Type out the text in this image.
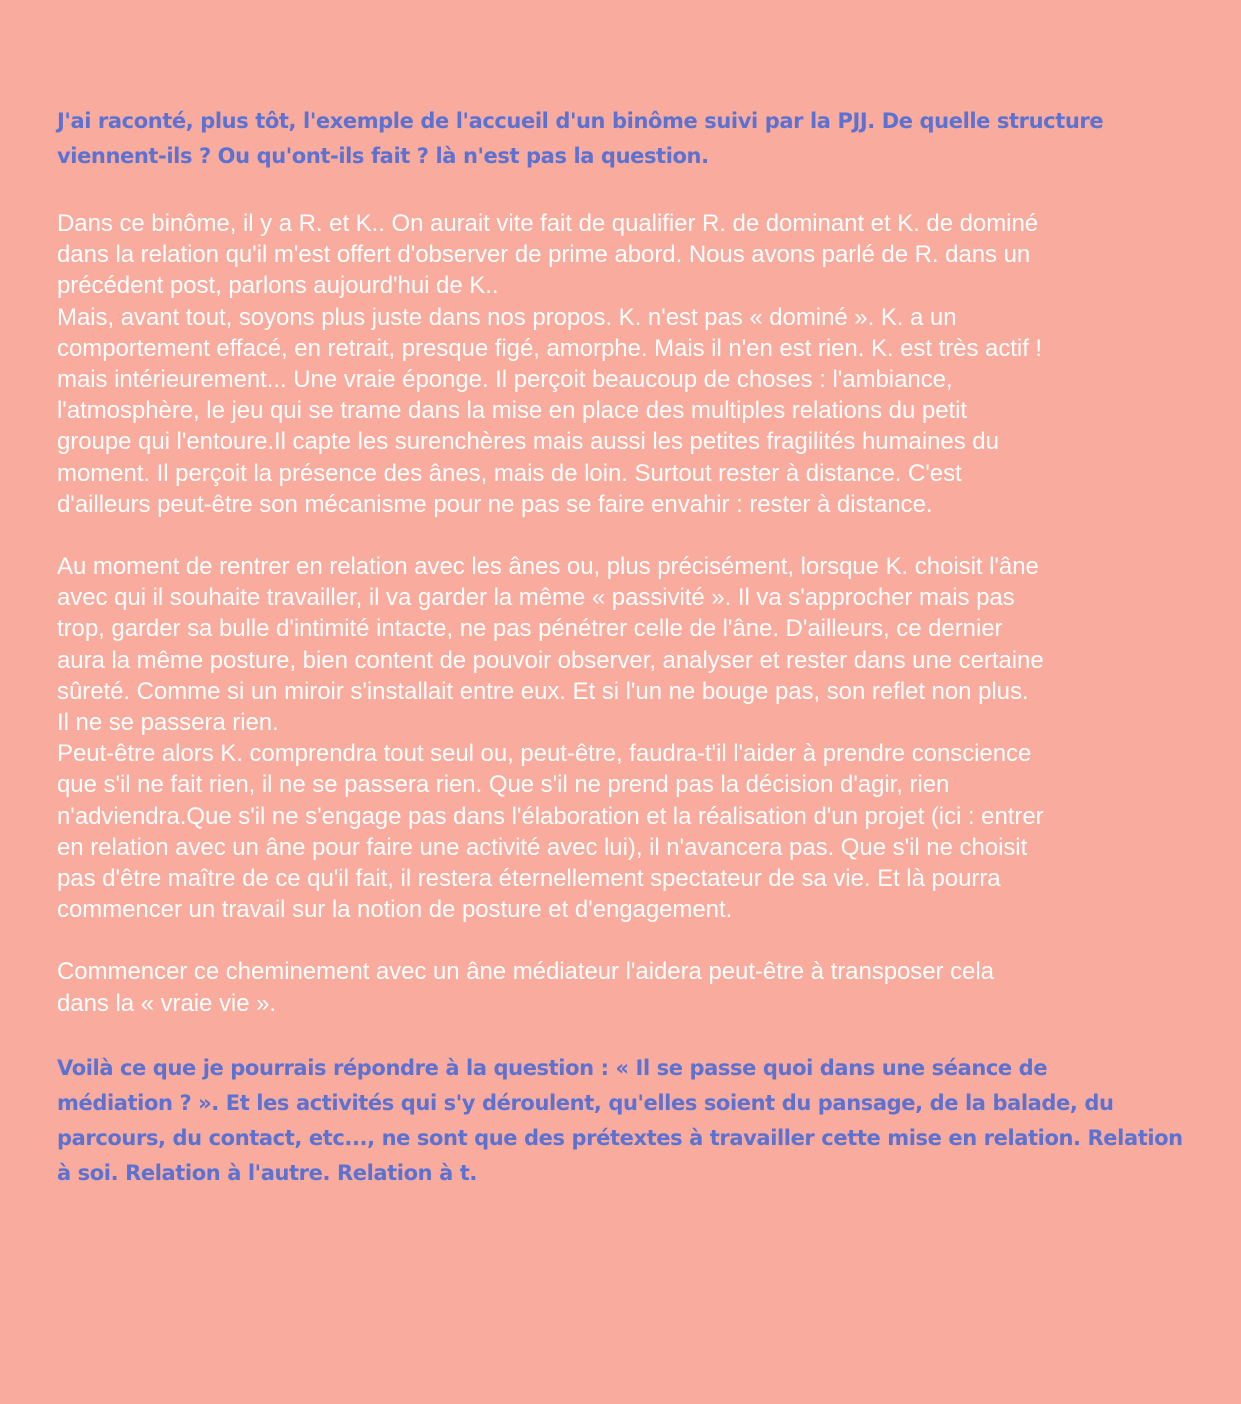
J'ai raconté, plus tôt, l'exemple de l'accueil d'un binôme suivi par la PJJ. De quelle structure
viennent-ils ? Ou qu'ont-ils fait ? là n'est pas la question.

Dans ce binôme, il y a R. et K.. On aurait vite fait de qualifier R. de dominant et K. de dominé
dans la relation qu'il m'est offert d'observer de prime abord. Nous avons parlé de R. dans un
précédent post, parlons aujourd'hui de K..
Mais, avant tout, soyons plus juste dans nos propos. K. n'est pas « dominé ». K. a un
comportement effacé, en retrait, presque figé, amorphe. Mais il n'en est rien. K. est très actif !
mais intérieurement... Une vraie éponge. Il perçoit beaucoup de choses : l'ambiance,
l'atmosphère, le jeu qui se trame dans la mise en place des multiples relations du petit
groupe qui l'entoure.Il capte les surenchères mais aussi les petites fragilités humaines du
moment. Il perçoit la présence des ânes, mais de loin. Surtout rester à distance. C'est
d'ailleurs peut-être son mécanisme pour ne pas se faire envahir : rester à distance.

Au moment de rentrer en relation avec les ânes ou, plus précisément, lorsque K. choisit l'âne
avec qui il souhaite travailler, il va garder la même « passivité ». Il va s'approcher mais pas
trop, garder sa bulle d'intimité intacte, ne pas pénétrer celle de l'âne. D'ailleurs, ce dernier
aura la même posture, bien content de pouvoir observer, analyser et rester dans une certaine
sûreté. Comme si un miroir s'installait entre eux. Et si l'un ne bouge pas, son reflet non plus.
Il ne se passera rien.
Peut-être alors K. comprendra tout seul ou, peut-être, faudra-t'il l'aider à prendre conscience
que s'il ne fait rien, il ne se passera rien. Que s'il ne prend pas la décision d'agir, rien
n'adviendra.Que s'il ne s'engage pas dans l'élaboration et la réalisation d'un projet (ici : entrer
en relation avec un âne pour faire une activité avec lui), il n'avancera pas. Que s'il ne choisit
pas d'être maître de ce qu'il fait, il restera éternellement spectateur de sa vie. Et là pourra
commencer un travail sur la notion de posture et d'engagement.

Commencer ce cheminement avec un âne médiateur l'aidera peut-être à transposer cela
dans la « vraie vie ».

Voilà ce que je pourrais répondre à la question : « Il se passe quoi dans une séance de
médiation ? ». Et les activités qui s'y déroulent, qu'elles soient du pansage, de la balade, du
parcours, du contact, etc..., ne sont que des prétextes à travailler cette mise en relation. Relation
à soi. Relation à l'autre. Relation à t.
